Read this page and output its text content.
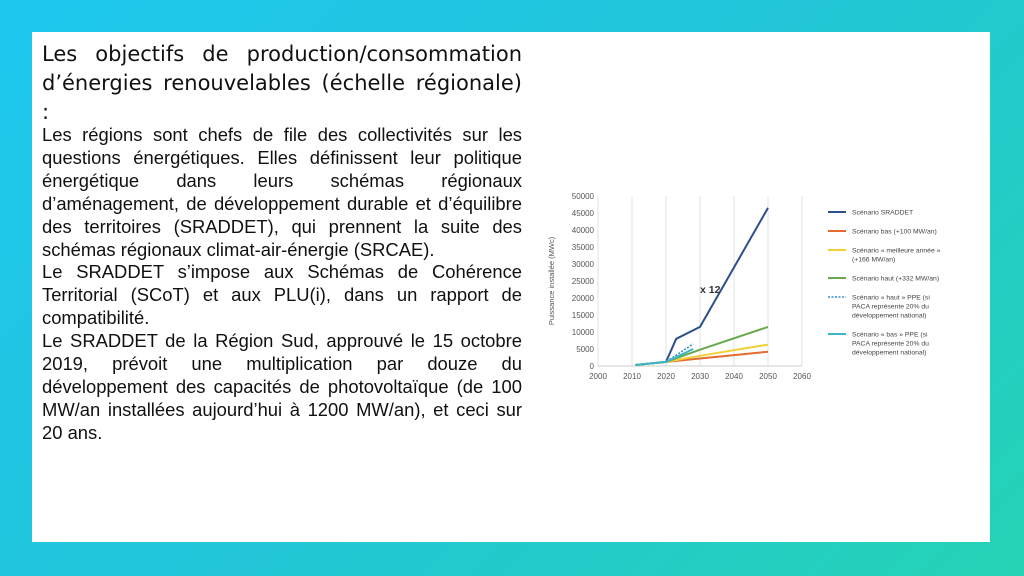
Les objectifs de production/consommation d’énergies renouvelables (échelle régionale) :

Les régions sont chefs de file des collectivités sur les questions énergétiques. Elles définissent leur politique énergétique dans leurs schémas régionaux d’aménagement, de développement durable et d’équilibre des territoires (SRADDET), qui prennent la suite des schémas régionaux climat-air-énergie (SRCAE).

Le SRADDET s’impose aux Schémas de Cohérence Territorial (SCoT) et aux PLU(i), dans un rapport de compatibilité.

Le SRADDET de la Région Sud, approuvé le 15 octobre 2019, prévoit une multiplication par douze du développement des capacités de photovoltaïque (de 100 MW/an installées aujourd’hui à 1200 MW/an), et ceci sur 20 ans.

2000 2010 2020 2030 2040 2050 2060
0
5000
10000
15000
20000
25000
30000
35000
40000
45000
50000
Puissance installée (MWc)	x 12
Scénario SRADDET
Scénario bas (+100 MW/an)
Scénario « meilleure année » (+166 MW/an)
Scénario haut (+332 MW/an)
Scénario « haut » PPE (si PACA représente 20% du développement national)
Scénario « bas » PPE (si PACA représente 20% du développement national)
